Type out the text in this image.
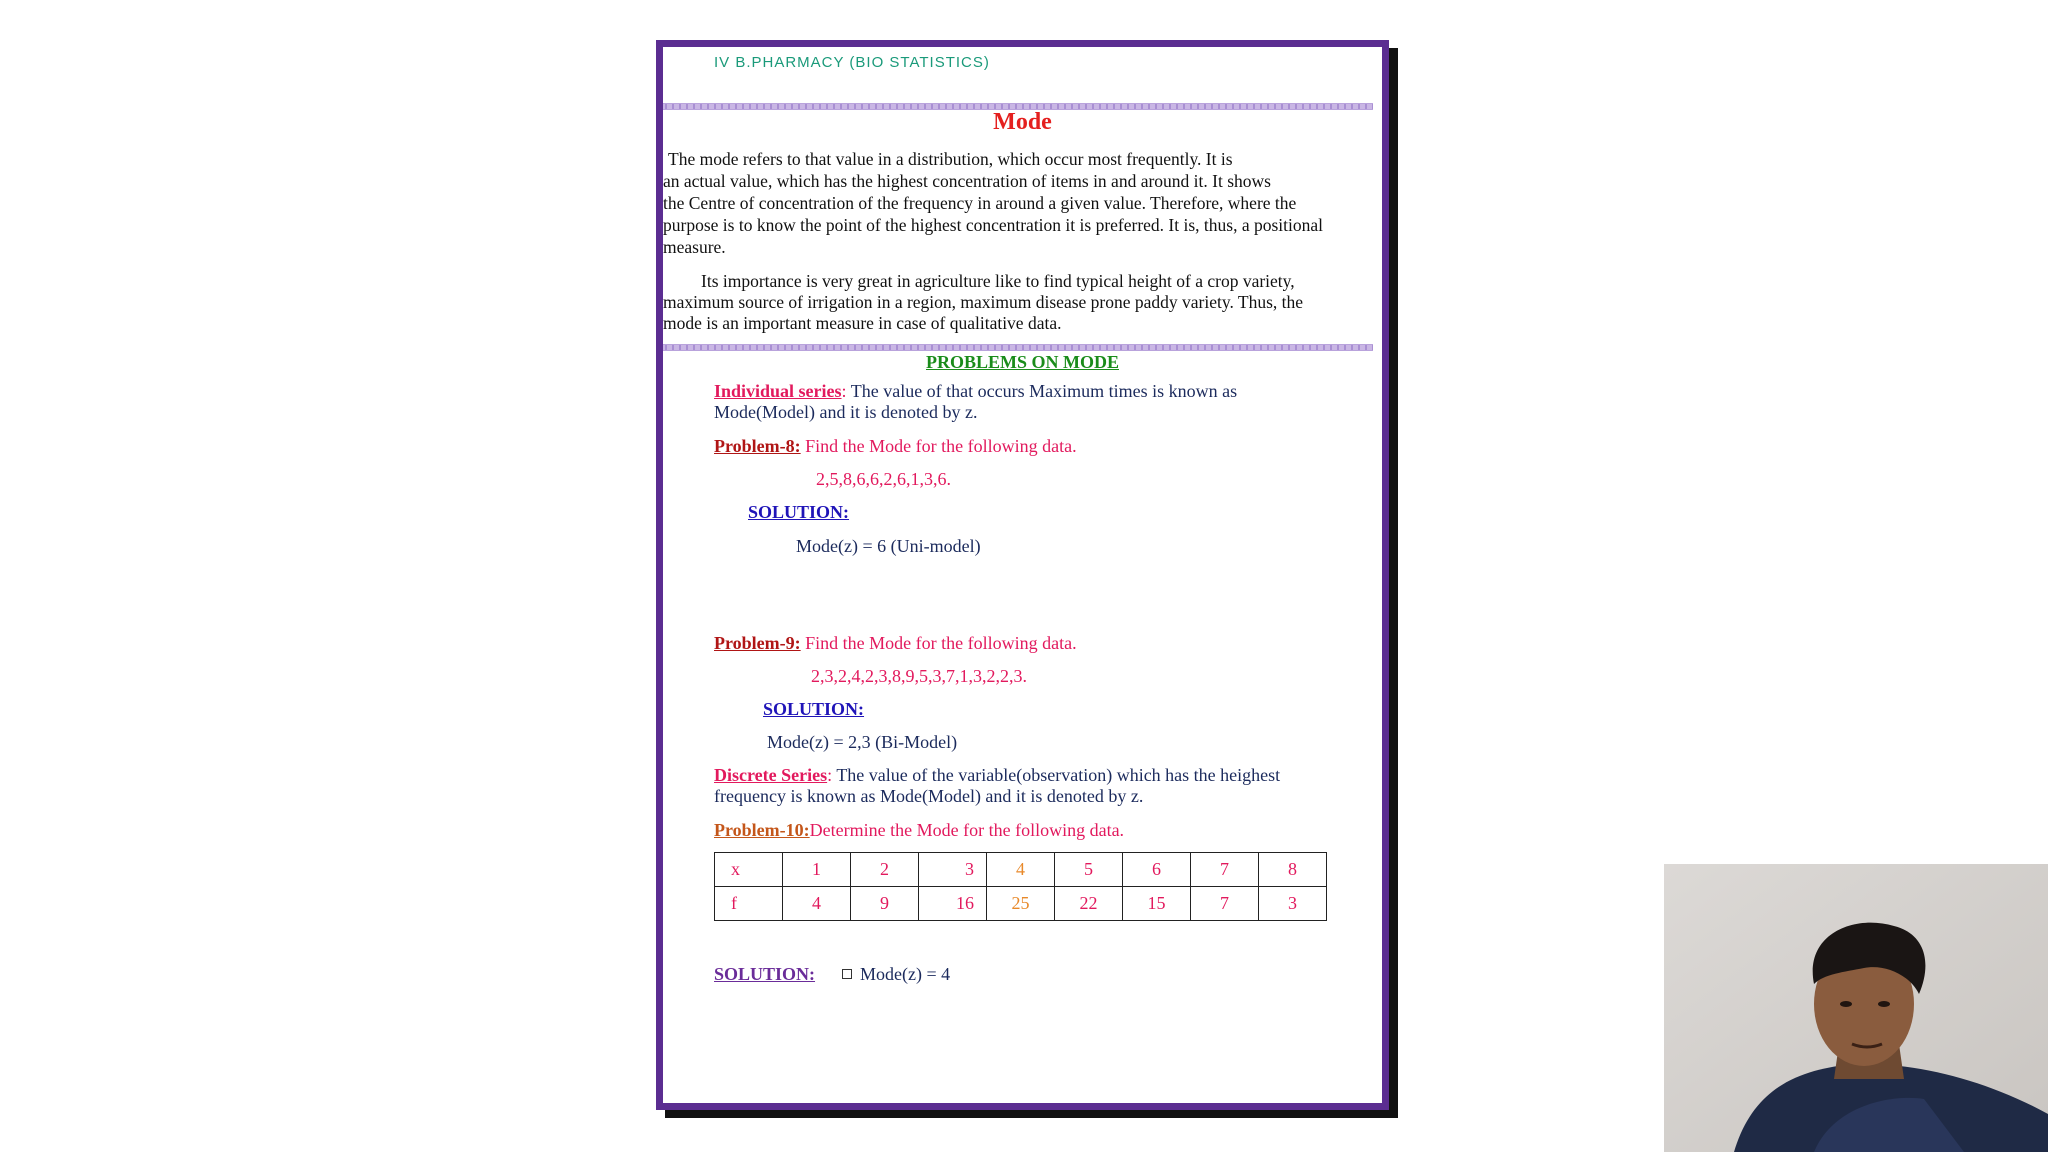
IV B.PHARMACY (BIO STATISTICS)
Mode
The mode refers to that value in a distribution, which occur most frequently. It is
an actual value, which has the highest concentration of items in and around it. It shows
the Centre of concentration of the frequency in around a given value. Therefore, where the
purpose is to know the point of the highest concentration it is preferred. It is, thus, a positional
measure.
Its importance is very great in agriculture like to find typical height of a crop variety,
maximum source of irrigation in a region, maximum disease prone paddy variety. Thus, the
mode is an important measure in case of qualitative data.
PROBLEMS ON MODE
Individual series: The value of that occurs Maximum times is known as
Mode(Model) and it is denoted by z.
Problem-8: Find the Mode for the following data.
2,5,8,6,6,2,6,1,3,6.
SOLUTION:
Mode(z) = 6 (Uni-model)
Problem-9: Find the Mode for the following data.
2,3,2,4,2,3,8,9,5,3,7,1,3,2,2,3.
SOLUTION:
Mode(z) = 2,3 (Bi-Model)
Discrete Series: The value of the variable(observation) which has the heighest
frequency is known as Mode(Model) and it is denoted by z.
Problem-10:Determine the Mode for the following data.
x	1	2	3	4	5	6	7	8
f	4	9	16	25	22	15	7	3
SOLUTION:	Mode(z) = 4
